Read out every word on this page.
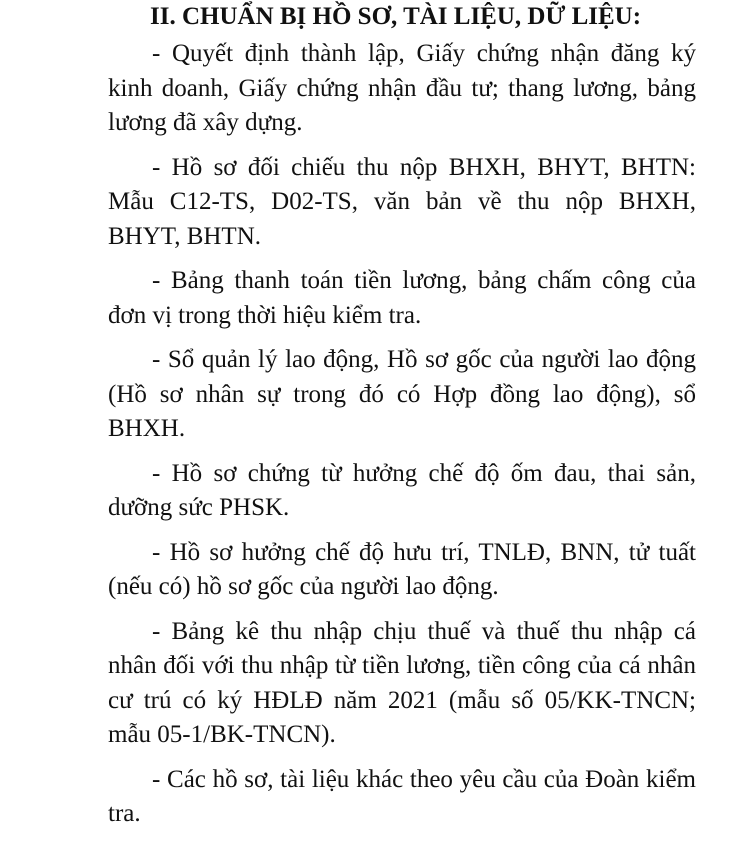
II. CHUẨN BỊ HỒ SƠ, TÀI LIỆU, DỮ LIỆU:

- Quyết định thành lập, Giấy chứng nhận đăng ký kinh doanh, Giấy chứng nhận đầu tư; thang lương, bảng lương đã xây dựng.

- Hồ sơ đối chiếu thu nộp BHXH, BHYT, BHTN: Mẫu C12-TS, D02-TS, văn bản về thu nộp BHXH, BHYT, BHTN.

- Bảng thanh toán tiền lương, bảng chấm công của đơn vị trong thời hiệu kiểm tra.

- Sổ quản lý lao động, Hồ sơ gốc của người lao động (Hồ sơ nhân sự trong đó có Hợp đồng lao động), sổ BHXH.

- Hồ sơ chứng từ hưởng chế độ ốm đau, thai sản, dưỡng sức PHSK.

- Hồ sơ hưởng chế độ hưu trí, TNLĐ, BNN, tử tuất (nếu có) hồ sơ gốc của người lao động.

- Bảng kê thu nhập chịu thuế và thuế thu nhập cá nhân đối với thu nhập từ tiền lương, tiền công của cá nhân cư trú có ký HĐLĐ năm 2021 (mẫu số 05/KK-TNCN; mẫu 05-1/BK-TNCN).

- Các hồ sơ, tài liệu khác theo yêu cầu của Đoàn kiểm tra.
